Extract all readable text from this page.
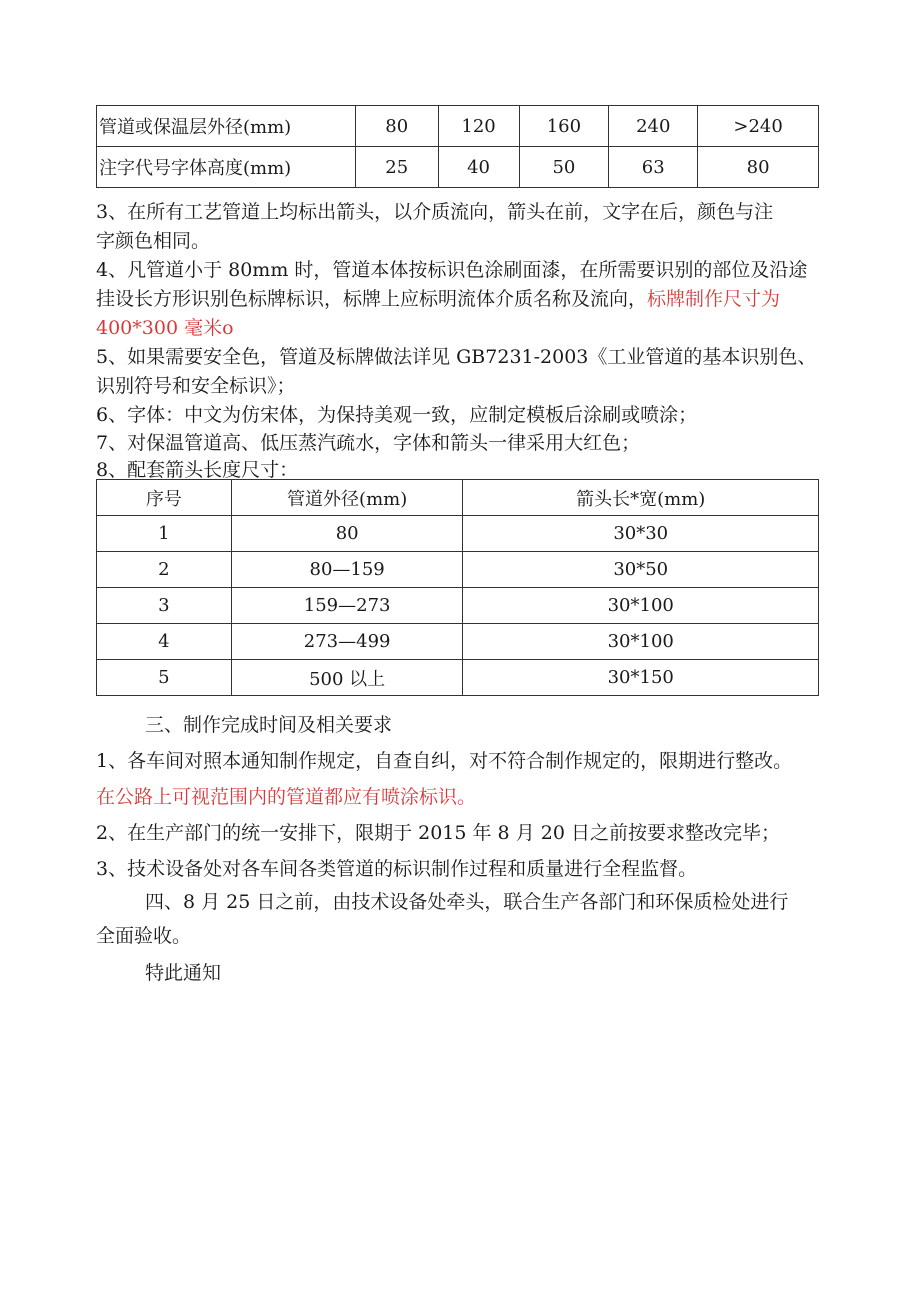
管道或保温层外径(mm)	80	120	160	240	>240
注字代号字体高度(mm)	25	40	50	63	80
3、在所有工艺管道上均标出箭头，以介质流向，箭头在前，文字在后，颜色与注
字颜色相同。
4、凡管道小于 80mm 时，管道本体按标识色涂刷面漆，在所需要识别的部位及沿途
挂设长方形识别色标牌标识，标牌上应标明流体介质名称及流向，标牌制作尺寸为
400*300 毫米o
5、如果需要安全色，管道及标牌做法详见 GB7231-2003《工业管道的基本识别色、
识别符号和安全标识》；
6、字体：中文为仿宋体，为保持美观一致，应制定模板后涂刷或喷涂；
7、对保温管道高、低压蒸汽疏水，字体和箭头一律采用大红色；
8、配套箭头长度尺寸：
序号	管道外径(mm)	箭头长*宽(mm)
1	80	30*30
2	80—159	30*50
3	159—273	30*100
4	273—499	30*100
5	500 以上	30*150
三、制作完成时间及相关要求
1、各车间对照本通知制作规定，自查自纠，对不符合制作规定的，限期进行整改。
在公路上可视范围内的管道都应有喷涂标识。
2、在生产部门的统一安排下，限期于 2015 年 8 月 20 日之前按要求整改完毕；
3、技术设备处对各车间各类管道的标识制作过程和质量进行全程监督。
四、8 月 25 日之前，由技术设备处牵头，联合生产各部门和环保质检处进行
全面验收。
特此通知
